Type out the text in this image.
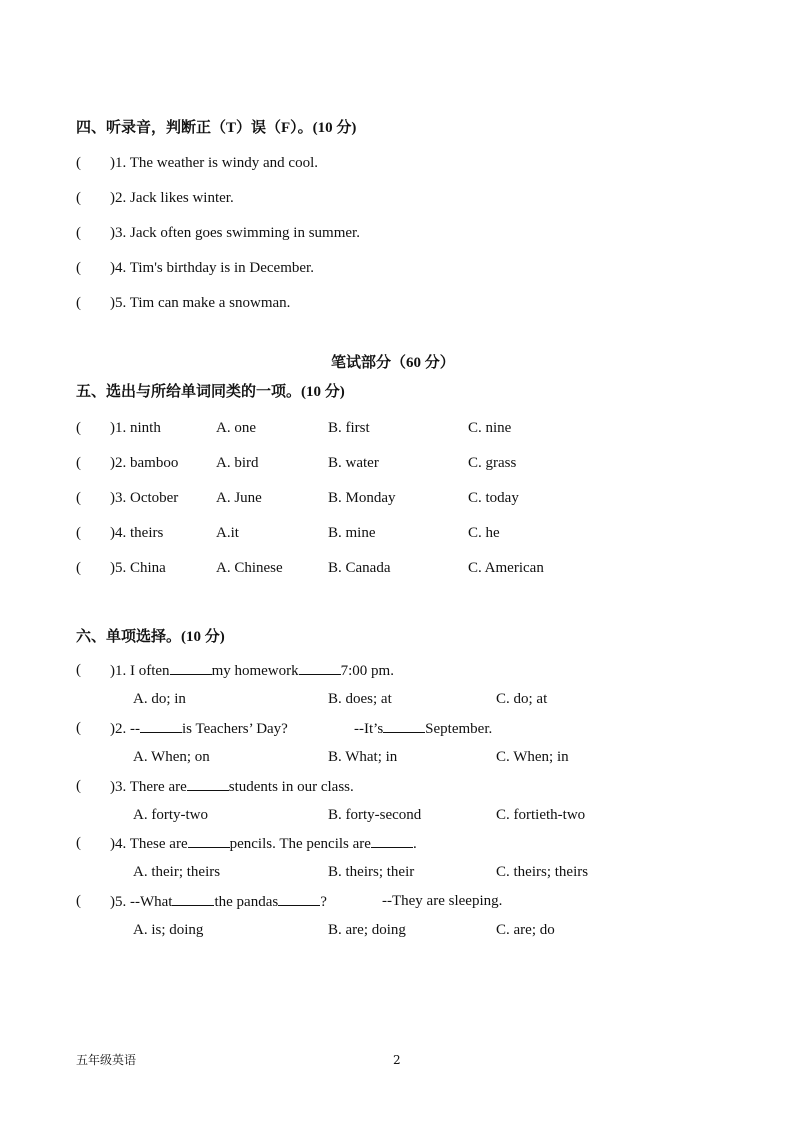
四、听录音，判断正（T）误（F）。(10 分)
( )1. The weather is windy and cool.
( )2. Jack likes winter.
( )3. Jack often goes swimming in summer.
( )4. Tim's birthday is in December.
( )5. Tim can make a snowman.
笔试部分（60 分）
五、选出与所给单词同类的一项。(10 分)
( )1. ninth	A. one	B. first	C. nine
( )2. bamboo	A. bird	B. water	C. grass
( )3. October	A. June	B. Monday	C. today
( )4. theirs	A.it	B. mine	C. he
( )5. China	A. Chinese	B. Canada	C. American
六、单项选择。(10 分)
( )1. I often	my homework	7:00 pm.
A. do; in	B. does; at	C. do; at
( )2. --	is Teachers’ Day?	--It’s	September.
A. When; on	B. What; in	C. When; in
( )3. There are	students in our class.
A. forty-two	B. forty-second	C. fortieth-two
( )4. These are	pencils. The pencils are	.
A. their; theirs	B. theirs; their	C. theirs; theirs
( )5. --What	the pandas	?	--They are sleeping.
A. is; doing	B. are; doing	C. are; do
五年级英语	2
